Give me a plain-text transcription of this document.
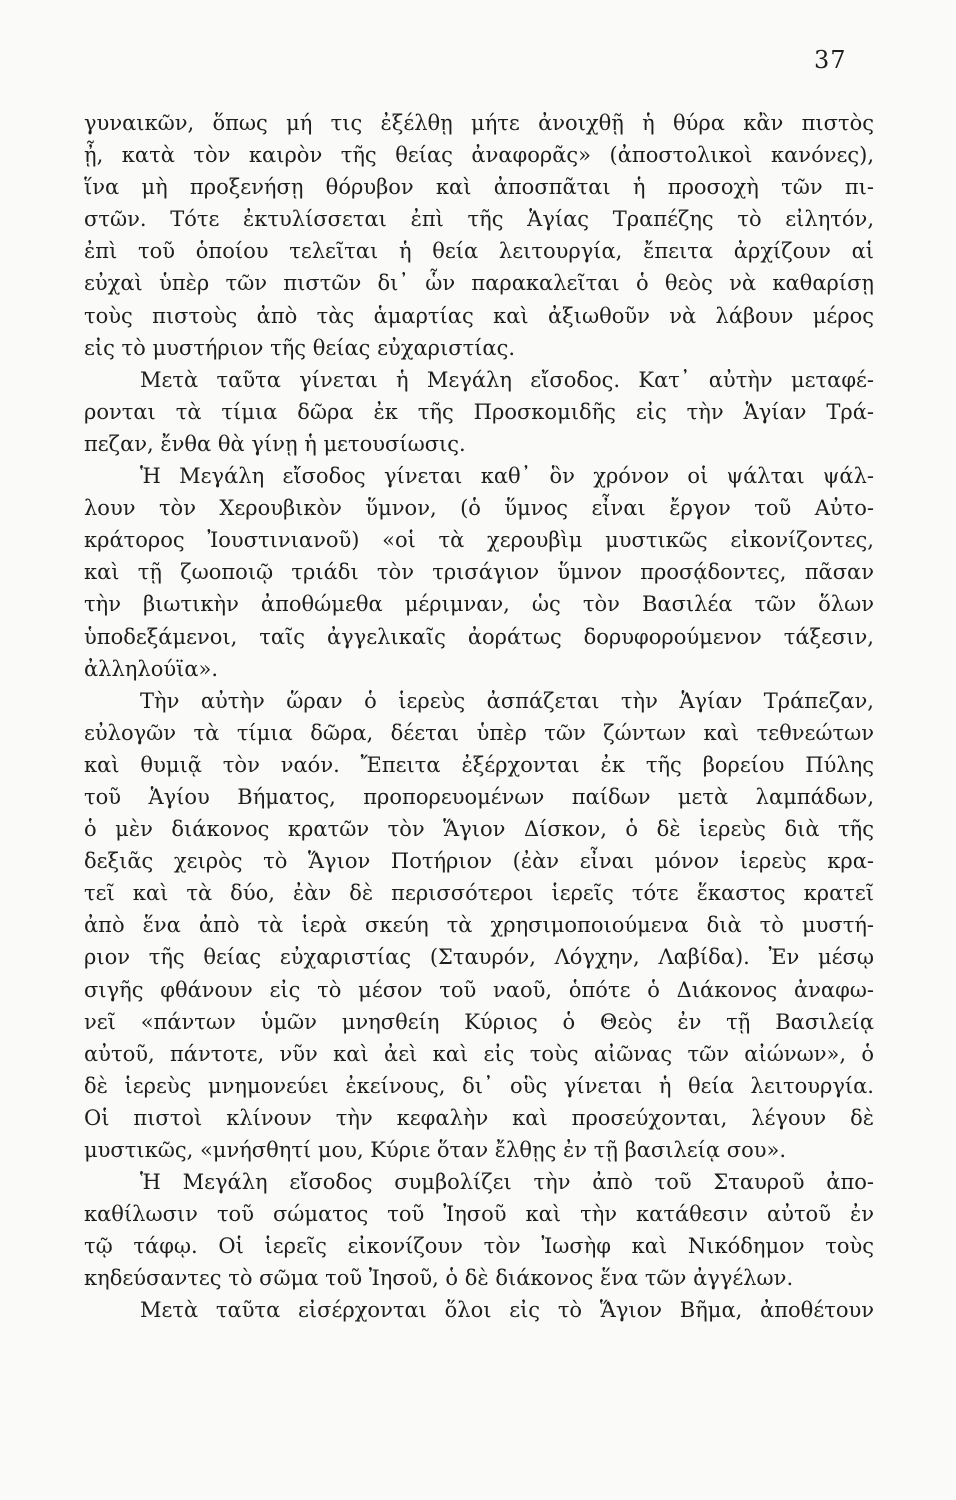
37
γυναικῶν, ὅπως μή τις ἐξέλθῃ μήτε ἀνοιχθῇ ἡ θύρα κἂν πιστὸς
ᾖ, κατὰ τὸν καιρὸν τῆς θείας ἀναφορᾶς» (ἀποστολικοὶ κανόνες),
ἵνα μὴ προξενήσῃ θόρυβον καὶ ἀποσπᾶται ἡ προσοχὴ τῶν πι-
στῶν. Τότε ἐκτυλίσσεται ἐπὶ τῆς Ἁγίας Τραπέζης τὸ εἰλητόν,
ἐπὶ τοῦ ὁποίου τελεῖται ἡ θεία λειτουργία, ἔπειτα ἀρχίζουν αἱ
εὐχαὶ ὑπὲρ τῶν πιστῶν δι᾽ ὧν παρακαλεῖται ὁ θεὸς νὰ καθαρίσῃ
τοὺς πιστοὺς ἀπὸ τὰς ἁμαρτίας καὶ ἀξιωθοῦν νὰ λάβουν μέρος
εἰς τὸ μυστήριον τῆς θείας εὐχαριστίας.
Μετὰ ταῦτα γίνεται ἡ Μεγάλη εἴσοδος. Κατ᾽ αὐτὴν μεταφέ-
ρονται τὰ τίμια δῶρα ἐκ τῆς Προσκομιδῆς εἰς τὴν Ἁγίαν Τρά-
πεζαν, ἔνθα θὰ γίνῃ ἡ μετουσίωσις.
Ἡ Μεγάλη εἴσοδος γίνεται καθ᾽ ὃν χρόνον οἱ ψάλται ψάλ-
λουν τὸν Χερουβικὸν ὕμνον, (ὁ ὕμνος εἶναι ἔργον τοῦ Αὐτο-
κράτορος Ἰουστινιανοῦ) «οἱ τὰ χερουβὶμ μυστικῶς εἰκονίζοντες,
καὶ τῇ ζωοποιῷ τριάδι τὸν τρισάγιον ὕμνον προσᾴδοντες, πᾶσαν
τὴν βιωτικὴν ἀποθώμεθα μέριμναν, ὡς τὸν Βασιλέα τῶν ὅλων
ὑποδεξάμενοι, ταῖς ἀγγελικαῖς ἀοράτως δορυφορούμενον τάξεσιν,
ἀλληλούϊα».
Τὴν αὐτὴν ὥραν ὁ ἱερεὺς ἀσπάζεται τὴν Ἁγίαν Τράπεζαν,
εὐλογῶν τὰ τίμια δῶρα, δέεται ὑπὲρ τῶν ζώντων καὶ τεθνεώτων
καὶ θυμιᾷ τὸν ναόν. Ἔπειτα ἐξέρχονται ἐκ τῆς βορείου Πύλης
τοῦ Ἁγίου Βήματος, προπορευομένων παίδων μετὰ λαμπάδων,
ὁ μὲν διάκονος κρατῶν τὸν Ἅγιον Δίσκον, ὁ δὲ ἱερεὺς διὰ τῆς
δεξιᾶς χειρὸς τὸ Ἅγιον Ποτήριον (ἐὰν εἶναι μόνον ἱερεὺς κρα-
τεῖ καὶ τὰ δύο, ἐὰν δὲ περισσότεροι ἱερεῖς τότε ἕκαστος κρατεῖ
ἀπὸ ἕνα ἀπὸ τὰ ἱερὰ σκεύη τὰ χρησιμοποιούμενα διὰ τὸ μυστή-
ριον τῆς θείας εὐχαριστίας (Σταυρόν, Λόγχην, Λαβίδα). Ἐν μέσῳ
σιγῆς φθάνουν εἰς τὸ μέσον τοῦ ναοῦ, ὁπότε ὁ Διάκονος ἀναφω-
νεῖ «πάντων ὑμῶν μνησθείη Κύριος ὁ Θεὸς ἐν τῇ Βασιλείᾳ
αὐτοῦ, πάντοτε, νῦν καὶ ἀεὶ καὶ εἰς τοὺς αἰῶνας τῶν αἰώνων», ὁ
δὲ ἱερεὺς μνημονεύει ἐκείνους, δι᾽ οὓς γίνεται ἡ θεία λειτουργία.
Οἱ πιστοὶ κλίνουν τὴν κεφαλὴν καὶ προσεύχονται, λέγουν δὲ
μυστικῶς, «μνήσθητί μου, Κύριε ὅταν ἔλθῃς ἐν τῇ βασιλείᾳ σου».
Ἡ Μεγάλη εἴσοδος συμβολίζει τὴν ἀπὸ τοῦ Σταυροῦ ἀπο-
καθίλωσιν τοῦ σώματος τοῦ Ἰησοῦ καὶ τὴν κατάθεσιν αὐτοῦ ἐν
τῷ τάφῳ. Οἱ ἱερεῖς εἰκονίζουν τὸν Ἰωσὴφ καὶ Νικόδημον τοὺς
κηδεύσαντες τὸ σῶμα τοῦ Ἰησοῦ, ὁ δὲ διάκονος ἕνα τῶν ἀγγέλων.
Μετὰ ταῦτα εἰσέρχονται ὅλοι εἰς τὸ Ἅγιον Βῆμα, ἀποθέτουν
